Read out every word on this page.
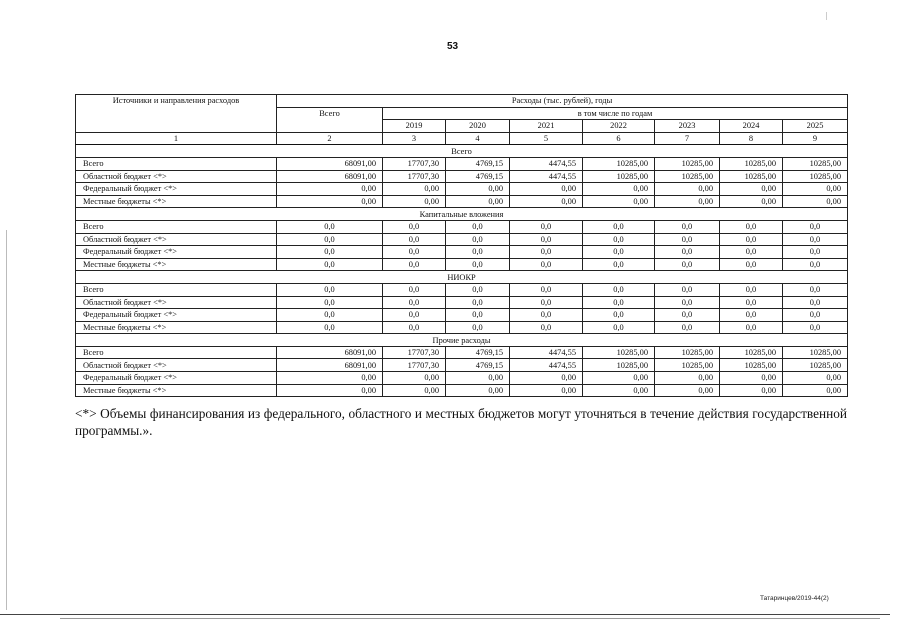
53
Источники и направления расходов	Расходы (тыс. рублей), годы							
	Всего	в том числе по годам						
		2019	2020	2021	2022	2023	2024	2025
1	2	3	4	5	6	7	8	9
Всего								
Всего	68091,00	17707,30	4769,15	4474,55	10285,00	10285,00	10285,00	10285,00
Областной бюджет <*>	68091,00	17707,30	4769,15	4474,55	10285,00	10285,00	10285,00	10285,00
Федеральный бюджет <*>	0,00	0,00	0,00	0,00	0,00	0,00	0,00	0,00
Местные бюджеты <*>	0,00	0,00	0,00	0,00	0,00	0,00	0,00	0,00
Капитальные вложения								
Всего	0,0	0,0	0,0	0,0	0,0	0,0	0,0	0,0
Областной бюджет <*>	0,0	0,0	0,0	0,0	0,0	0,0	0,0	0,0
Федеральный бюджет <*>	0,0	0,0	0,0	0,0	0,0	0,0	0,0	0,0
Местные бюджеты <*>	0,0	0,0	0,0	0,0	0,0	0,0	0,0	0,0
НИОКР								
Всего	0,0	0,0	0,0	0,0	0,0	0,0	0,0	0,0
Областной бюджет <*>	0,0	0,0	0,0	0,0	0,0	0,0	0,0	0,0
Федеральный бюджет <*>	0,0	0,0	0,0	0,0	0,0	0,0	0,0	0,0
Местные бюджеты <*>	0,0	0,0	0,0	0,0	0,0	0,0	0,0	0,0
Прочие расходы								
Всего	68091,00	17707,30	4769,15	4474,55	10285,00	10285,00	10285,00	10285,00
Областной бюджет <*>	68091,00	17707,30	4769,15	4474,55	10285,00	10285,00	10285,00	10285,00
Федеральный бюджет <*>	0,00	0,00	0,00	0,00	0,00	0,00	0,00	0,00
Местные бюджеты <*>	0,00	0,00	0,00	0,00	0,00	0,00	0,00	0,00
<*> Объемы финансирования из федерального, областного и местных бюджетов могут уточняться в течение действия государственной программы.».
Татаринцев/2019-44(2)
